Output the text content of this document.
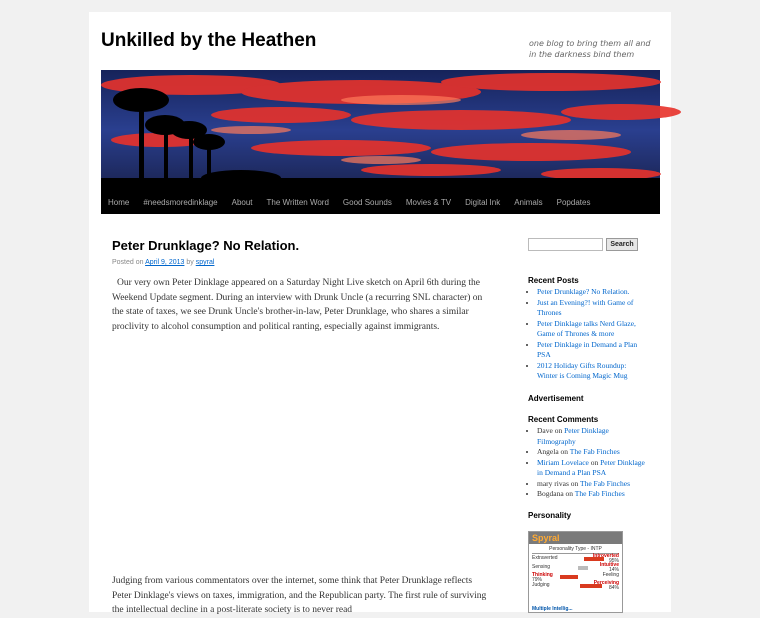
Unkilled by the Heathen	one blog to bring them all and in the darkness bind them
Home	#needsmoredinklage	About	The Written Word	Good Sounds	Movies & TV	Digital Ink	Animals	Popdates
Peter Drunklage? No Relation.
Posted on April 9, 2013 by spyral

Our very own Peter Dinklage appeared on a Saturday Night Live sketch on April 6th during the Weekend Update segment. During an interview with Drunk Uncle (a recurring SNL character) on the state of taxes, we see Drunk Uncle's brother-in-law, Peter Drunklage, who shares a similar proclivity to alcohol consumption and political ranting, especially against immigrants.

Judging from various commentators over the internet, some think that Peter Drunklage reflects Peter Dinklage's views on taxes, immigration, and the Republican party. The first rule of surviving the intellectual decline in a post-literate society is to never read

Search
Recent Posts
• Peter Drunklage? No Relation.
• Just an Evening?! with Game of Thrones
• Peter Dinklage talks Nerd Glaze, Game of Thrones & more
• Peter Dinklage in Demand a Plan PSA
• 2012 Holiday Gifts Roundup: Winter is Coming Magic Mug
Advertisement
Recent Comments
• Dave on Peter Dinklage Filmography
• Angela on The Fab Finches
• Miriam Lovelace on Peter Dinklage in Demand a Plan PSA
• mary rivas on The Fab Finches
• Bogdana on The Fab Finches
Personality
Spyral
Personality Type - INTP
Extraverted	Introverted
95%
Sensing	Intuitive
14%
Thinking
79%
Feeling
Judging	Perceiving
84%
Multiple Intellig...
